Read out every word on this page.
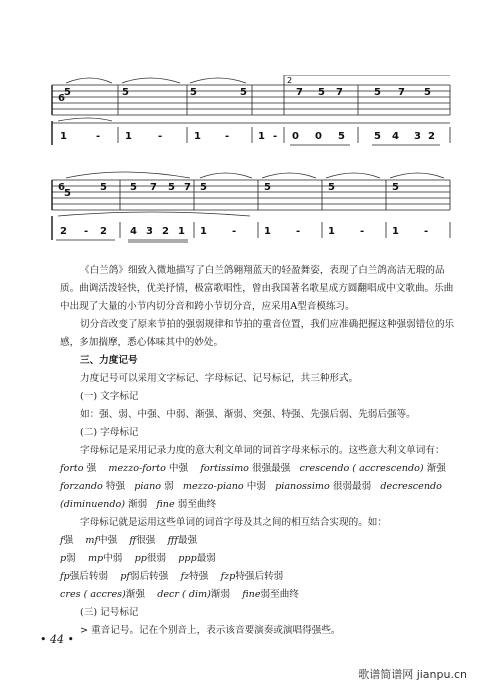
6
5	5	5	5	7 5 7	5 7 5
2
1	- 1	-	1 -	1 - 0 0 5	5 4 3 2
6
5
5 5 7 5 7 5	5	5	5
2 - 2 4 3 2 1 1	-	1	-	1	-	1	-

《白兰鸽》细致入微地描写了白兰鸽翱翔蓝天的轻盈舞姿，表现了白兰鸽高洁无瑕的品质。曲调活泼轻快，优美抒情，极富歌唱性，曾由我国著名歌星成方圆翻唱成中文歌曲。乐曲中出现了大量的小节内切分音和跨小节切分音，应采用A型音模练习。

切分音改变了原来节拍的强弱规律和节拍的重音位置，我们应准确把握这种强弱错位的乐感，多加揣摩，悉心体味其中的妙处。

三、力度记号

力度记号可以采用文字标记、字母标记、记号标记，共三种形式。

(一) 文字标记

如：强、弱、中强、中弱、渐强、渐弱、突强、特强、先强后弱、先弱后强等。

(二) 字母标记

字母标记是采用记录力度的意大利文单词的词首字母来标示的。这些意大利文单词有：

forto 强 mezzo-forto 中强 fortissimo 很强最强 crescendo ( accrescendo) 渐强

forzando 特强 piano 弱 mezzo-piano 中弱 pianossimo 很弱最弱 decrescendo

(diminuendo) 渐弱 fine 弱至曲终

字母标记就是运用这些单词的词首字母及其之间的相互结合实现的。如：

f强 mf中强 ff很强 fff最强

p弱 mp中弱 pp很弱 ppp最弱

fp强后转弱 pf弱后转强 fz特强 fzp特强后转弱

cres ( accres)渐强 decr ( dim)渐弱 fine弱至曲终

(三) 记号标记

> 重音记号。记在个别音上，表示该音要演奏或演唱得强些。

• 44 •
歌谱简谱网 jianpu.cn
